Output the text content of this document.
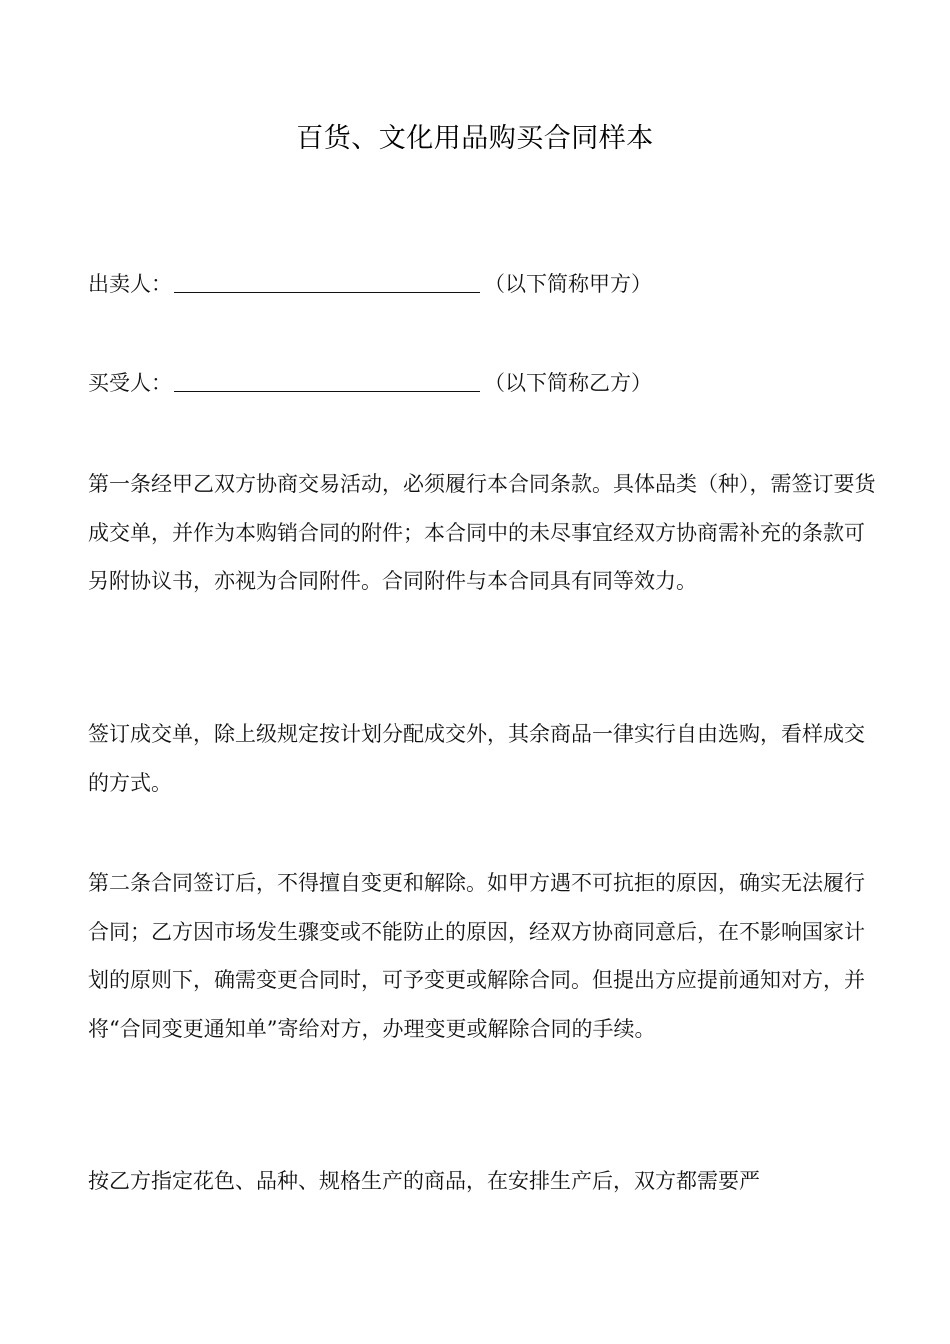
百货、文化用品购买合同样本
出卖人：	（以下简称甲方）
买受人：	（以下简称乙方）

第一条经甲乙双方协商交易活动，必须履行本合同条款。具体品类（种），需签订要货成交单，并作为本购销合同的附件；本合同中的未尽事宜经双方协商需补充的条款可另附协议书，亦视为合同附件。合同附件与本合同具有同等效力。

签订成交单，除上级规定按计划分配成交外，其余商品一律实行自由选购，看样成交的方式。

第二条合同签订后，不得擅自变更和解除。如甲方遇不可抗拒的原因，确实无法履行合同；乙方因市场发生骤变或不能防止的原因，经双方协商同意后，在不影响国家计划的原则下，确需变更合同时，可予变更或解除合同。但提出方应提前通知对方，并将“合同变更通知单”寄给对方，办理变更或解除合同的手续。

按乙方指定花色、品种、规格生产的商品，在安排生产后，双方都需要严
